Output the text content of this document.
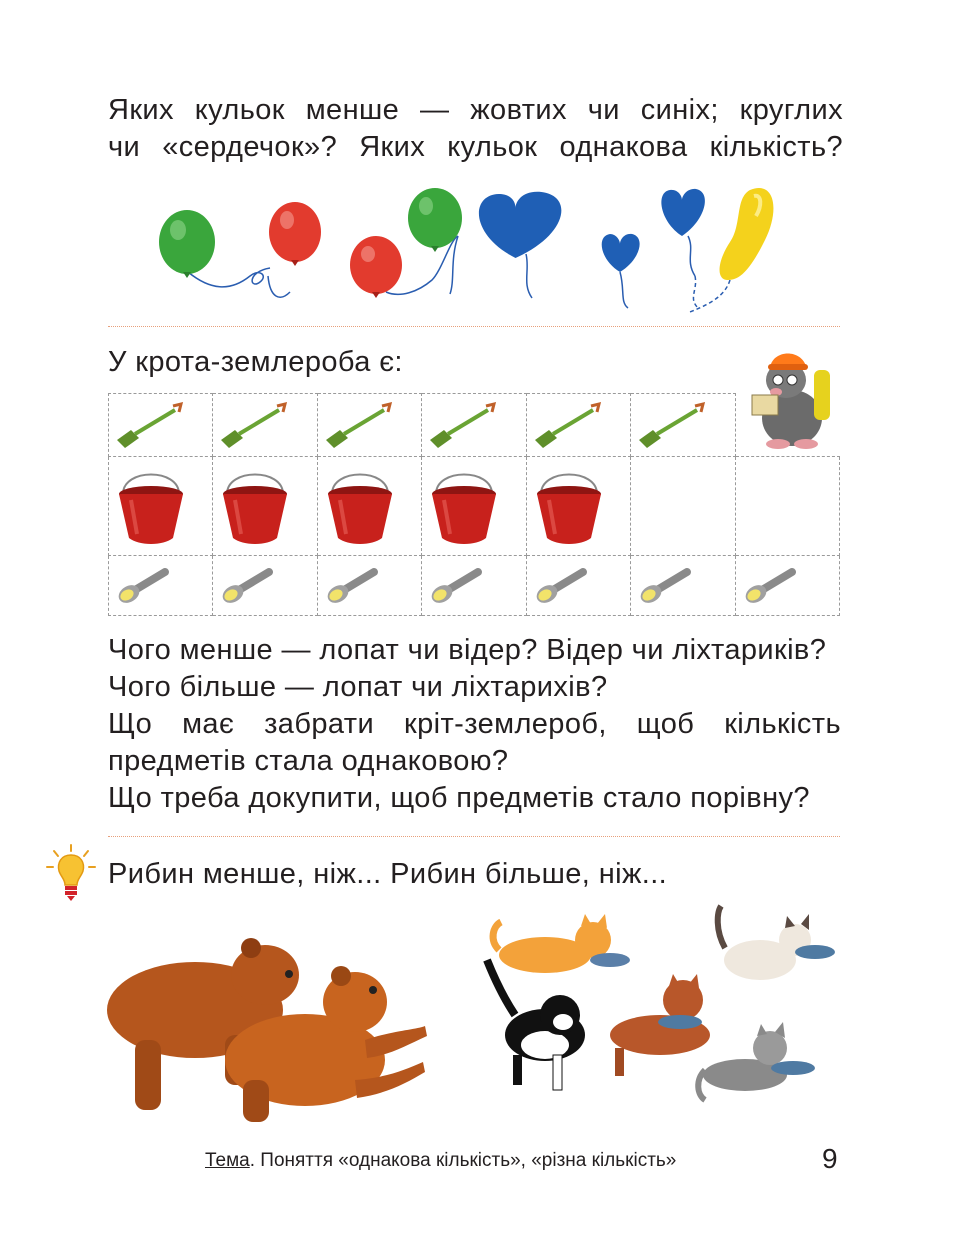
Яких кульок менше — жовтих чи синіх; круглих
чи «сердечок»? Яких кульок однакова кількість?
У крота-землероба є:

Чого менше — лопат чи відер? Відер чи ліхтариків?
Чого більше — лопат чи ліхтарихів?
Що має забрати кріт-землероб, щоб кількість
предметів стала однаковою?
Що треба докупити, щоб предметів стало порівну?
Рибин менше, ніж... Рибин більше, ніж...
Тема. Поняття «однакова кількість», «різна кількість»	9
